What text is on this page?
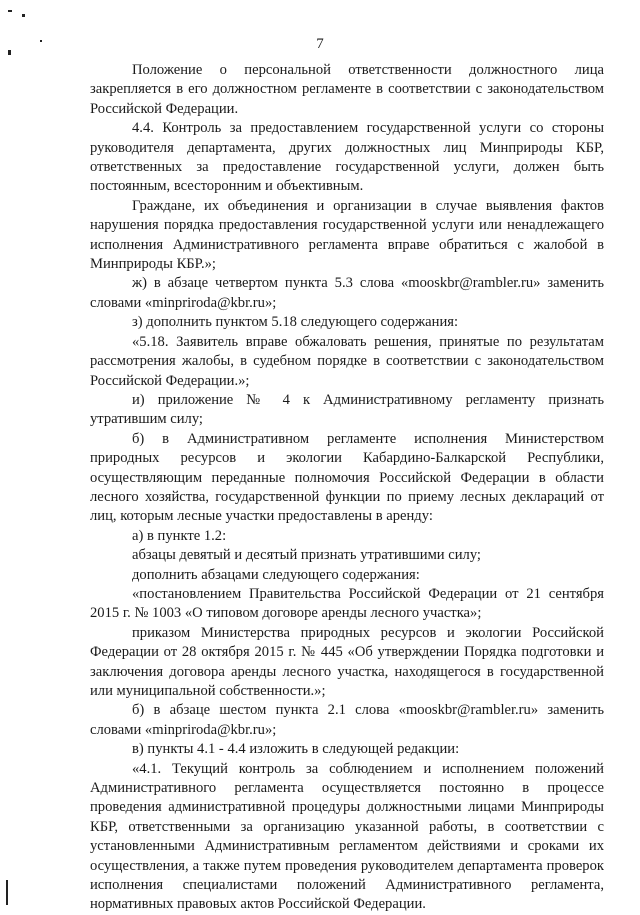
7

Положение о персональной ответственности должностного лица закрепляется в его должностном регламенте в соответствии с законодательством Российской Федерации.

4.4. Контроль за предоставлением государственной услуги со стороны руководителя департамента, других должностных лиц Минприроды КБР, ответственных за предоставление государственной услуги, должен быть постоянным, всесторонним и объективным.

Граждане, их объединения и организации в случае выявления фактов нарушения порядка предоставления государственной услуги или ненадлежащего исполнения Административного регламента вправе обратиться с жалобой в Минприроды КБР.»;

ж) в абзаце четвертом пункта 5.3 слова «mooskbr@rambler.ru» заменить словами «minpriroda@kbr.ru»;

з) дополнить пунктом 5.18 следующего содержания:

«5.18. Заявитель вправе обжаловать решения, принятые по результатам рассмотрения жалобы, в судебном порядке в соответствии с законодательством Российской Федерации.»;

и) приложение № 4 к Административному регламенту признать утратившим силу;

б) в Административном регламенте исполнения Министерством природных ресурсов и экологии Кабардино-Балкарской Республики, осуществляющим переданные полномочия Российской Федерации в области лесного хозяйства, государственной функции по приему лесных деклараций от лиц, которым лесные участки предоставлены в аренду:

а) в пункте 1.2:

абзацы девятый и десятый признать утратившими силу;

дополнить абзацами следующего содержания:

«постановлением Правительства Российской Федерации от 21 сентября 2015 г. № 1003 «О типовом договоре аренды лесного участка»;

приказом Министерства природных ресурсов и экологии Российской Федерации от 28 октября 2015 г. № 445 «Об утверждении Порядка подготовки и заключения договора аренды лесного участка, находящегося в государственной или муниципальной собственности.»;

б) в абзаце шестом пункта 2.1 слова «mooskbr@rambler.ru» заменить словами «minpriroda@kbr.ru»;

в) пункты 4.1 - 4.4 изложить в следующей редакции:

«4.1. Текущий контроль за соблюдением и исполнением положений Административного регламента осуществляется постоянно в процессе проведения административной процедуры должностными лицами Минприроды КБР, ответственными за организацию указанной работы, в соответствии с установленными Административным регламентом действиями и сроками их осуществления, а также путем проведения руководителем департамента проверок исполнения специалистами положений Административного регламента, нормативных правовых актов Российской Федерации.
